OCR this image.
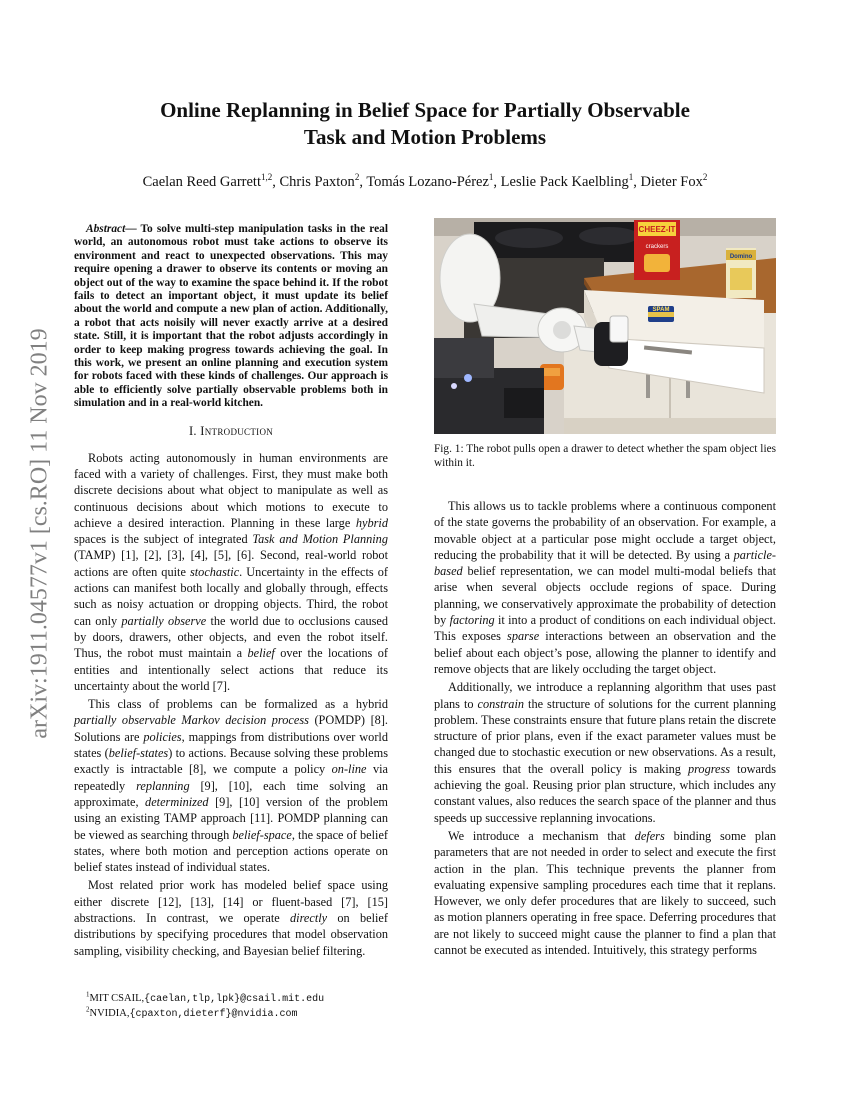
arXiv:1911.04577v1 [cs.RO] 11 Nov 2019
Online Replanning in Belief Space for Partially Observable
Task and Motion Problems
Caelan Reed Garrett$^{1,2}$, Chris Paxton$^2$, Tomás Lozano-Pérez$^1$, Leslie Pack Kaelbling$^1$, Dieter Fox$^2$

Abstract— To solve multi-step manipulation tasks in the real world, an autonomous robot must take actions to observe its environment and react to unexpected observations. This may require opening a drawer to observe its contents or moving an object out of the way to examine the space behind it. If the robot fails to detect an important object, it must update its belief about the world and compute a new plan of action. Additionally, a robot that acts noisily will never exactly arrive at a desired state. Still, it is important that the robot adjusts accordingly in order to keep making progress towards achieving the goal. In this work, we present an online planning and execution system for robots faced with these kinds of challenges. Our approach is able to efficiently solve partially observable problems both in simulation and in a real-world kitchen.

I. Introduction

Robots acting autonomously in human environments are faced with a variety of challenges. First, they must make both discrete decisions about what object to manipulate as well as continuous decisions about which motions to execute to achieve a desired interaction. Planning in these large hybrid spaces is the subject of integrated Task and Motion Planning (TAMP) [1], [2], [3], [4], [5], [6]. Second, real-world robot actions are often quite stochastic. Uncertainty in the effects of actions can manifest both locally and globally through, effects such as noisy actuation or dropping objects. Third, the robot can only partially observe the world due to occlusions caused by doors, drawers, other objects, and even the robot itself. Thus, the robot must maintain a belief over the locations of entities and intentionally select actions that reduce its uncertainty about the world [7].

This class of problems can be formalized as a hybrid partially observable Markov decision process (POMDP) [8]. Solutions are policies, mappings from distributions over world states (belief-states) to actions. Because solving these problems exactly is intractable [8], we compute a policy on-line via repeatedly replanning [9], [10], each time solving an approximate, determinized [9], [10] version of the problem using an existing TAMP approach [11]. POMDP planning can be viewed as searching through belief-space, the space of belief states, where both motion and perception actions operate on belief states instead of individual states.

Most related prior work has modeled belief space using either discrete [12], [13], [14] or fluent-based [7], [15] abstractions. In contrast, we operate directly on belief distributions by specifying procedures that model observation sampling, visibility checking, and Bayesian belief filtering.

SPAM
CHEEZ-IT
crackers
Domino

Fig. 1: The robot pulls open a drawer to detect whether the spam object lies within it.

This allows us to tackle problems where a continuous component of the state governs the probability of an observation. For example, a movable object at a particular pose might occlude a target object, reducing the probability that it will be detected. By using a particle-based belief representation, we can model multi-modal beliefs that arise when several objects occlude regions of space. During planning, we conservatively approximate the probability of detection by factoring it into a product of conditions on each individual object. This exposes sparse interactions between an observation and the belief about each object’s pose, allowing the planner to identify and remove objects that are likely occluding the target object.

Additionally, we introduce a replanning algorithm that uses past plans to constrain the structure of solutions for the current planning problem. These constraints ensure that future plans retain the discrete structure of prior plans, even if the exact parameter values must be changed due to stochastic execution or new observations. As a result, this ensures that the overall policy is making progress towards achieving the goal. Reusing prior plan structure, which includes any constant values, also reduces the search space of the planner and thus speeds up successive replanning invocations.

We introduce a mechanism that defers binding some plan parameters that are not needed in order to select and execute the first action in the plan. This technique prevents the planner from evaluating expensive sampling procedures each time that it replans. However, we only defer procedures that are likely to succeed, such as motion planners operating in free space. Deferring procedures that are not likely to succeed might cause the planner to find a plan that cannot be executed as intended. Intuitively, this strategy performs

$^1$MIT CSAIL,{caelan,tlp,lpk}@csail.mit.edu
$^2$NVIDIA,{cpaxton,dieterf}@nvidia.com
